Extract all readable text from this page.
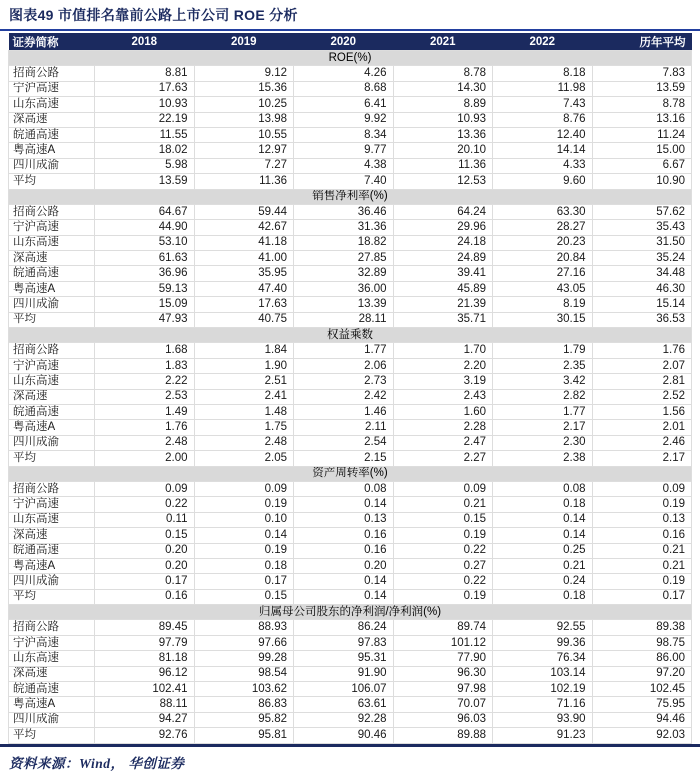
图表49 市值排名靠前公路上市公司 ROE 分析
证券简称	2018	2019	2020	2021	2022	历年平均
ROE(%)						
招商公路	8.81	9.12	4.26	8.78	8.18	7.83
宁沪高速	17.63	15.36	8.68	14.30	11.98	13.59
山东高速	10.93	10.25	6.41	8.89	7.43	8.78
深高速	22.19	13.98	9.92	10.93	8.76	13.16
皖通高速	11.55	10.55	8.34	13.36	12.40	11.24
粤高速A	18.02	12.97	9.77	20.10	14.14	15.00
四川成渝	5.98	7.27	4.38	11.36	4.33	6.67
平均	13.59	11.36	7.40	12.53	9.60	10.90
销售净利率(%)						
招商公路	64.67	59.44	36.46	64.24	63.30	57.62
宁沪高速	44.90	42.67	31.36	29.96	28.27	35.43
山东高速	53.10	41.18	18.82	24.18	20.23	31.50
深高速	61.63	41.00	27.85	24.89	20.84	35.24
皖通高速	36.96	35.95	32.89	39.41	27.16	34.48
粤高速A	59.13	47.40	36.00	45.89	43.05	46.30
四川成渝	15.09	17.63	13.39	21.39	8.19	15.14
平均	47.93	40.75	28.11	35.71	30.15	36.53
权益乘数						
招商公路	1.68	1.84	1.77	1.70	1.79	1.76
宁沪高速	1.83	1.90	2.06	2.20	2.35	2.07
山东高速	2.22	2.51	2.73	3.19	3.42	2.81
深高速	2.53	2.41	2.42	2.43	2.82	2.52
皖通高速	1.49	1.48	1.46	1.60	1.77	1.56
粤高速A	1.76	1.75	2.11	2.28	2.17	2.01
四川成渝	2.48	2.48	2.54	2.47	2.30	2.46
平均	2.00	2.05	2.15	2.27	2.38	2.17
资产周转率(%)						
招商公路	0.09	0.09	0.08	0.09	0.08	0.09
宁沪高速	0.22	0.19	0.14	0.21	0.18	0.19
山东高速	0.11	0.10	0.13	0.15	0.14	0.13
深高速	0.15	0.14	0.16	0.19	0.14	0.16
皖通高速	0.20	0.19	0.16	0.22	0.25	0.21
粤高速A	0.20	0.18	0.20	0.27	0.21	0.21
四川成渝	0.17	0.17	0.14	0.22	0.24	0.19
平均	0.16	0.15	0.14	0.19	0.18	0.17
归属母公司股东的净利润/净利润(%)						
招商公路	89.45	88.93	86.24	89.74	92.55	89.38
宁沪高速	97.79	97.66	97.83	101.12	99.36	98.75
山东高速	81.18	99.28	95.31	77.90	76.34	86.00
深高速	96.12	98.54	91.90	96.30	103.14	97.20
皖通高速	102.41	103.62	106.07	97.98	102.19	102.45
粤高速A	88.11	86.83	63.61	70.07	71.16	75.95
四川成渝	94.27	95.82	92.28	96.03	93.90	94.46
平均	92.76	95.81	90.46	89.88	91.23	92.03
资料来源：Wind， 华创证券
